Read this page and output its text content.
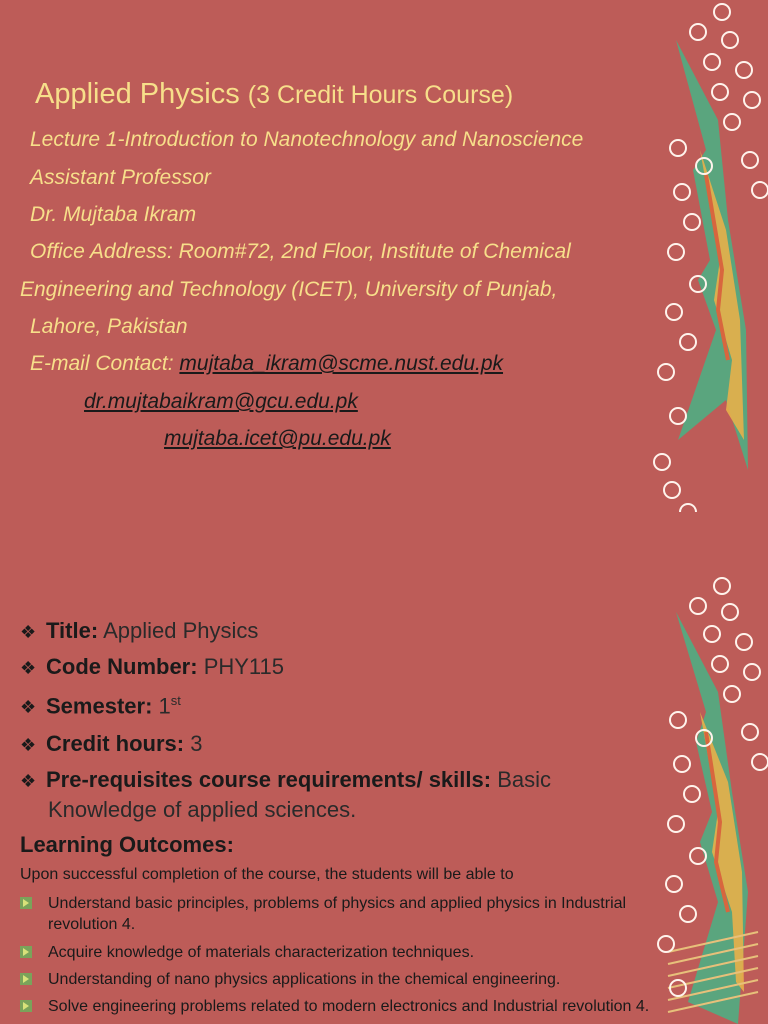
Applied Physics (3 Credit Hours Course)
Lecture 1-Introduction to Nanotechnology and Nanoscience
Assistant Professor
Dr. Mujtaba Ikram
Office Address: Room#72, 2nd Floor, Institute of Chemical
Engineering and Technology (ICET), University of Punjab,
Lahore, Pakistan
E-mail Contact: mujtaba_ikram@scme.nust.edu.pk
dr.mujtabaikram@gcu.edu.pk
mujtaba.icet@pu.edu.pk
❖ Title: Applied Physics
❖ Code Number: PHY115
❖ Semester: 1st
❖ Credit hours: 3
❖ Pre-requisites course requirements/ skills: Basic
Knowledge of applied sciences.
Learning Outcomes:
Upon successful completion of the course, the students will be able to
Understand basic principles, problems of physics and applied physics in Industrial revolution 4.
Acquire knowledge of materials characterization techniques.
Understanding of nano physics applications in the chemical engineering.
Solve engineering problems related to modern electronics and Industrial revolution 4.
